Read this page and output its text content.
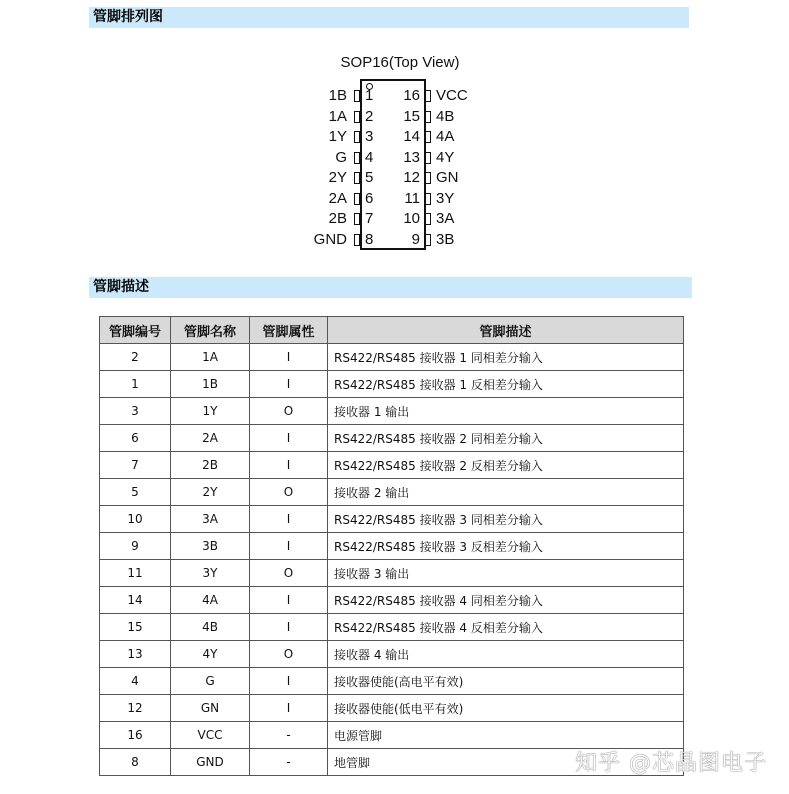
管脚排列图
SOP16(Top View)
1B 1
1A 2
1Y 3
G 4
2Y 5
2A 6
2B 7
GND 8
16 VCC
15 4B
14 4A
13 4Y
12 GN
11 3Y
10 3A
9 3B
管脚描述
管脚编号	管脚名称	管脚属性	管脚描述
2	1A	I	RS422/RS485 接收器 1 同相差分输入
1	1B	I	RS422/RS485 接收器 1 反相差分输入
3	1Y	O	接收器 1 输出
6	2A	I	RS422/RS485 接收器 2 同相差分输入
7	2B	I	RS422/RS485 接收器 2 反相差分输入
5	2Y	O	接收器 2 输出
10	3A	I	RS422/RS485 接收器 3 同相差分输入
9	3B	I	RS422/RS485 接收器 3 反相差分输入
11	3Y	O	接收器 3 输出
14	4A	I	RS422/RS485 接收器 4 同相差分输入
15	4B	I	RS422/RS485 接收器 4 反相差分输入
13	4Y	O	接收器 4 输出
4	G	I	接收器使能(高电平有效)
12	GN	I	接收器使能(低电平有效)
16	VCC	-	电源管脚
8	GND	-	地管脚	知乎 @芯晶图电子
